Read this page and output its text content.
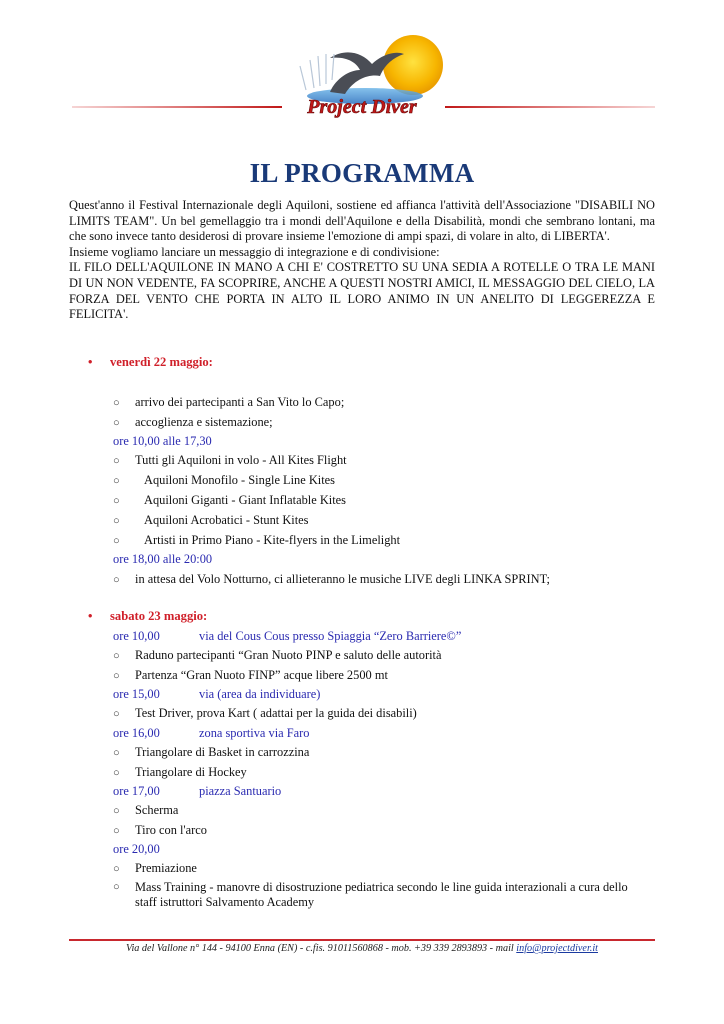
Project Diver
IL PROGRAMMA

Quest'anno il Festival Internazionale degli Aquiloni, sostiene ed affianca l'attività dell'Associazione "DISABILI NO LIMITS TEAM". Un bel gemellaggio tra i mondi dell'Aquilone e della Disabilità, mondi che sembrano lontani, ma che sono invece tanto desiderosi di provare insieme l'emozione di ampi spazi, di volare in alto, di LIBERTA'.

Insieme vogliamo lanciare un messaggio di integrazione e di condivisione:

IL FILO DELL'AQUILONE IN MANO A CHI E' COSTRETTO SU UNA SEDIA A ROTELLE O TRA LE MANI DI UN NON VEDENTE, FA SCOPRIRE, ANCHE A QUESTI NOSTRI AMICI, IL MESSAGGIO DEL CIELO, LA FORZA DEL VENTO CHE PORTA IN ALTO IL LORO ANIMO IN UN ANELITO DI LEGGEREZZA E FELICITA'.

• venerdì 22 maggio:
○ arrivo dei partecipanti a San Vito lo Capo;
○ accoglienza e sistemazione;
ore 10,00 alle 17,30
○ Tutti gli Aquiloni in volo - All Kites Flight
○ Aquiloni Monofilo - Single Line Kites
○ Aquiloni Giganti - Giant Inflatable Kites
○ Aquiloni Acrobatici - Stunt Kites
○ Artisti in Primo Piano - Kite-flyers in the Limelight
ore 18,00 alle 20:00
○ in attesa del Volo Notturno, ci allieteranno le musiche LIVE degli LINKA SPRINT;
• sabato 23 maggio:
ore 10,00	via del Cous Cous presso Spiaggia “Zero Barriere©”
○ Raduno partecipanti “Gran Nuoto PINP e saluto delle autorità
○ Partenza “Gran Nuoto FINP” acque libere 2500 mt
ore 15,00	via (area da individuare)
○ Test Driver, prova Kart ( adattai per la guida dei disabili)
ore 16,00	zona sportiva via Faro
○ Triangolare di Basket in carrozzina
○ Triangolare di Hockey
ore 17,00	piazza Santuario
○ Scherma
○ Tiro con l'arco
ore 20,00
○ Premiazione
○ Mass Training - manovre di disostruzione pediatrica secondo le line guida interazionali a cura dello staff istruttori Salvamento Academy
Via del Vallone n° 144 - 94100 Enna (EN) - c.fis. 91011560868 - mob. +39 339 2893893 - mail info@projectdiver.it
